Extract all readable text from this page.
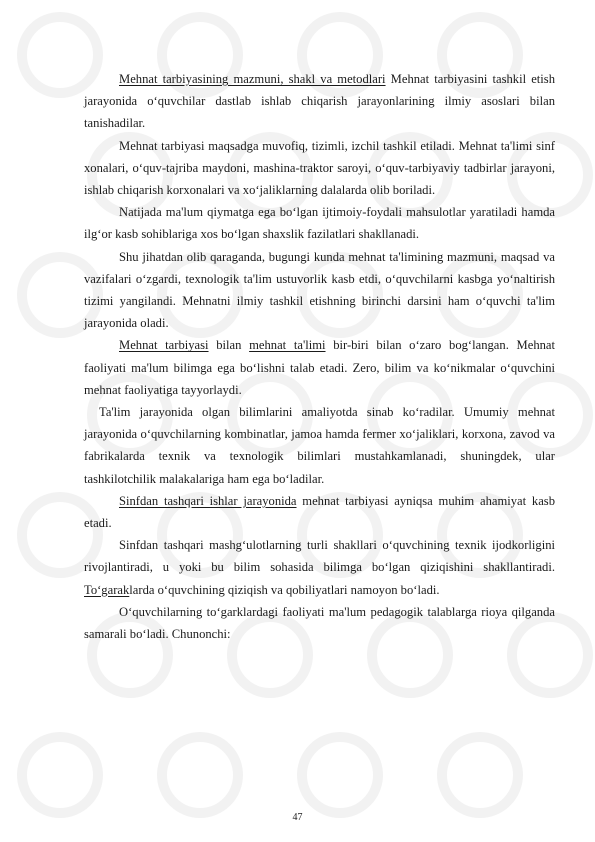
Mehnat tarbiyasining mazmuni, shakl va metodlari Mehnat tarbiyasini tashkil etish jarayonida o‘quvchilar dastlab ishlab chiqarish jarayonlarining ilmiy asoslari bilan tanishadilar.

Mehnat tarbiyasi maqsadga muvofiq, tizimli, izchil tashkil etiladi. Mehnat ta'limi sinf xonalari, o‘quv-tajriba maydoni, mashina-traktor saroyi, o‘quv-tarbiyaviy tadbirlar jarayoni, ishlab chiqarish korxonalari va xo‘jaliklarning dalalarda olib boriladi.

Natijada ma'lum qiymatga ega bo‘lgan ijtimoiy-foydali mahsulotlar yaratiladi hamda ilg‘or kasb sohiblariga xos bo‘lgan shaxslik fazilatlari shakllanadi.

Shu jihatdan olib qaraganda, bugungi kunda mehnat ta'limining mazmuni, maqsad va vazifalari o‘zgardi, texnologik ta'lim ustuvorlik kasb etdi, o‘quvchilarni kasbga yo‘naltirish tizimi yangilandi. Mehnatni ilmiy tashkil etishning birinchi darsini ham o‘quvchi ta'lim jarayonida oladi.

Mehnat tarbiyasi bilan mehnat ta'limi bir-biri bilan o‘zaro bog‘langan. Mehnat faoliyati ma'lum bilimga ega bo‘lishni talab etadi. Zero, bilim va ko‘nikmalar o‘quvchini mehnat faoliyatiga tayyorlaydi.

Ta'lim jarayonida olgan bilimlarini amaliyotda sinab ko‘radilar. Umumiy mehnat jarayonida o‘quvchilarning kombinatlar, jamoa hamda fermer xo‘jaliklari, korxona, zavod va fabrikalarda texnik va texnologik bilimlari mustahkamlanadi, shuningdek, ular tashkilotchilik malakalariga ham ega bo‘ladilar.

Sinfdan tashqari ishlar jarayonida mehnat tarbiyasi ayniqsa muhim ahamiyat kasb etadi.

Sinfdan tashqari mashg‘ulotlarning turli shakllari o‘quvchining texnik ijodkorligini rivojlantiradi, u yoki bu bilim sohasida bilimga bo‘lgan qiziqishini shakllantiradi. To‘garaklarda o‘quvchining qiziqish va qobiliyatlari namoyon bo‘ladi.

O‘quvchilarning to‘garklardagi faoliyati ma'lum pedagogik talablarga rioya qilganda samarali bo‘ladi. Chunonchi:

47
